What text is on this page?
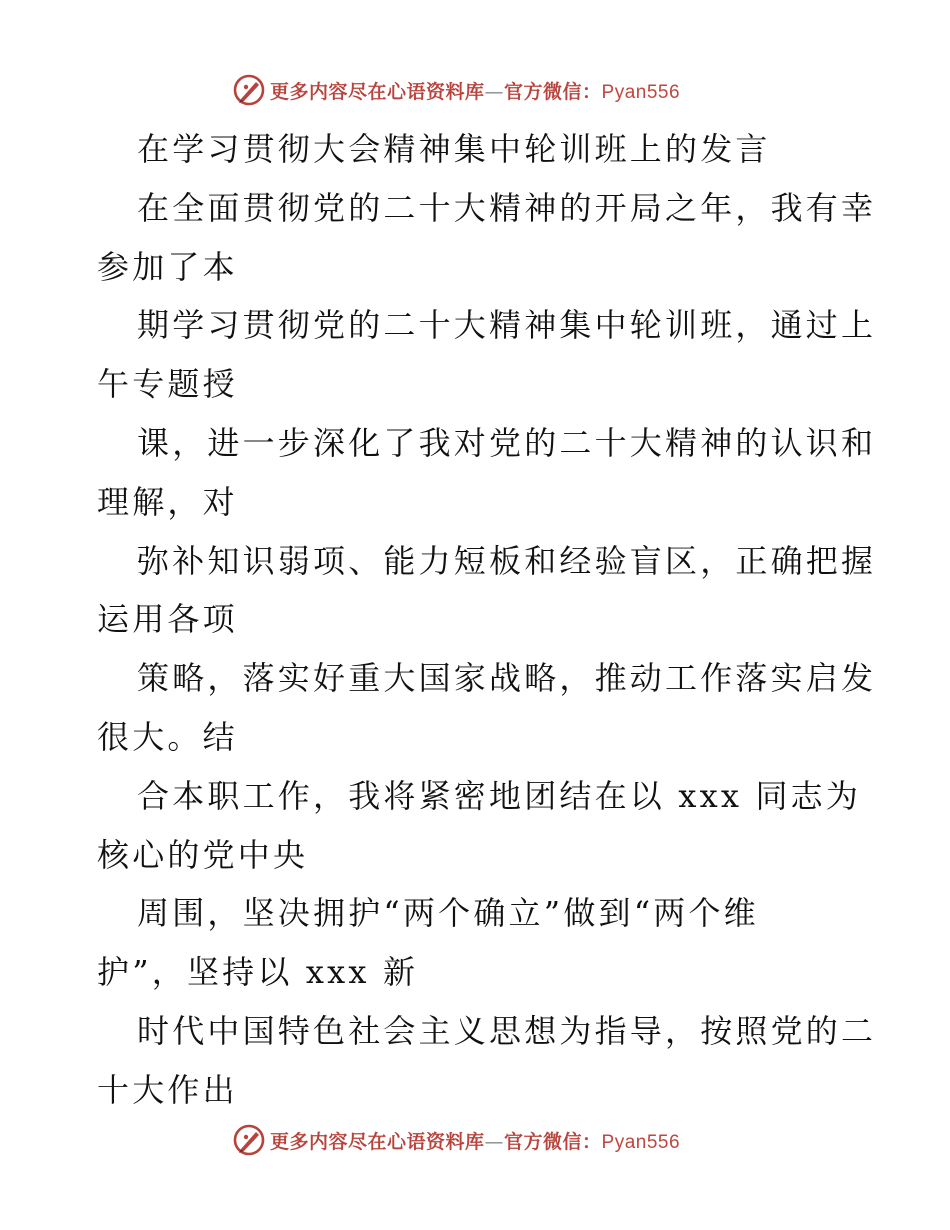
更多内容尽在心语资料库—官方微信：Pyan556
在学习贯彻大会精神集中轮训班上的发言
在全面贯彻党的二十大精神的开局之年，我有幸
参加了本
期学习贯彻党的二十大精神集中轮训班，通过上
午专题授
课，进一步深化了我对党的二十大精神的认识和
理解，对
弥补知识弱项、能力短板和经验盲区，正确把握
运用各项
策略，落实好重大国家战略，推动工作落实启发
很大。结
合本职工作，我将紧密地团结在以 xxx 同志为
核心的党中央
周围，坚决拥护“两个确立”做到“两个维
护”，坚持以 xxx 新
时代中国特色社会主义思想为指导，按照党的二
十大作出
更多内容尽在心语资料库—官方微信：Pyan556
